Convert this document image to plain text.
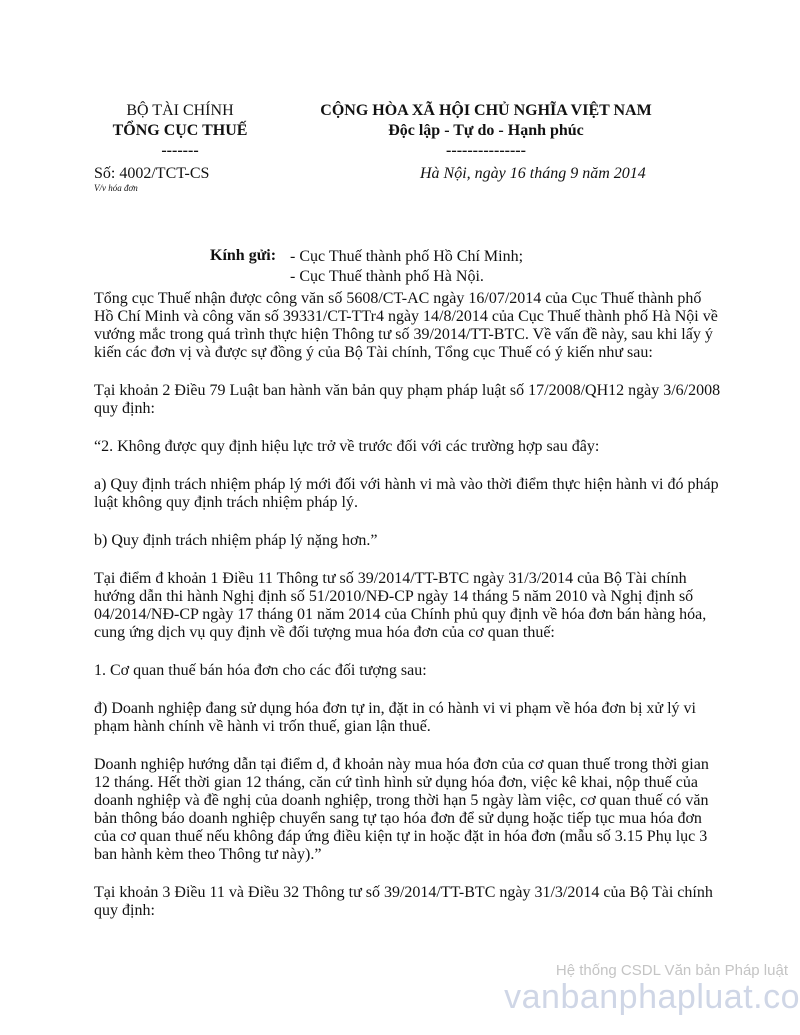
BỘ TÀI CHÍNH
TỔNG CỤC THUẾ
-------
CỘNG HÒA XÃ HỘI CHỦ NGHĨA VIỆT NAM
Độc lập - Tự do - Hạnh phúc
---------------
Số: 4002/TCT-CS
V/v hóa đơn
Hà Nội, ngày 16 tháng 9 năm 2014
Kính gửi: - Cục Thuế thành phố Hồ Chí Minh;
- Cục Thuế thành phố Hà Nội.

Tổng cục Thuế nhận được công văn số 5608/CT-AC ngày 16/07/2014 của Cục Thuế thành phố Hồ Chí Minh và công văn số 39331/CT-TTr4 ngày 14/8/2014 của Cục Thuế thành phố Hà Nội về vướng mắc trong quá trình thực hiện Thông tư số 39/2014/TT-BTC. Về vấn đề này, sau khi lấy ý kiến các đơn vị và được sự đồng ý của Bộ Tài chính, Tổng cục Thuế có ý kiến như sau:

Tại khoản 2 Điều 79 Luật ban hành văn bản quy phạm pháp luật số 17/2008/QH12 ngày 3/6/2008 quy định:

“2. Không được quy định hiệu lực trở về trước đối với các trường hợp sau đây:

a) Quy định trách nhiệm pháp lý mới đối với hành vi mà vào thời điểm thực hiện hành vi đó pháp luật không quy định trách nhiệm pháp lý.

b) Quy định trách nhiệm pháp lý nặng hơn.”

Tại điểm đ khoản 1 Điều 11 Thông tư số 39/2014/TT-BTC ngày 31/3/2014 của Bộ Tài chính hướng dẫn thi hành Nghị định số 51/2010/NĐ-CP ngày 14 tháng 5 năm 2010 và Nghị định số 04/2014/NĐ-CP ngày 17 tháng 01 năm 2014 của Chính phủ quy định về hóa đơn bán hàng hóa, cung ứng dịch vụ quy định về đối tượng mua hóa đơn của cơ quan thuế:

1. Cơ quan thuế bán hóa đơn cho các đối tượng sau:

đ) Doanh nghiệp đang sử dụng hóa đơn tự in, đặt in có hành vi vi phạm về hóa đơn bị xử lý vi phạm hành chính về hành vi trốn thuế, gian lận thuế.

Doanh nghiệp hướng dẫn tại điểm d, đ khoản này mua hóa đơn của cơ quan thuế trong thời gian 12 tháng. Hết thời gian 12 tháng, căn cứ tình hình sử dụng hóa đơn, việc kê khai, nộp thuế của doanh nghiệp và đề nghị của doanh nghiệp, trong thời hạn 5 ngày làm việc, cơ quan thuế có văn bản thông báo doanh nghiệp chuyển sang tự tạo hóa đơn để sử dụng hoặc tiếp tục mua hóa đơn của cơ quan thuế nếu không đáp ứng điều kiện tự in hoặc đặt in hóa đơn (mẫu số 3.15 Phụ lục 3 ban hành kèm theo Thông tư này).”

Tại khoản 3 Điều 11 và Điều 32 Thông tư số 39/2014/TT-BTC ngày 31/3/2014 của Bộ Tài chính quy định:

Hệ thống CSDL Văn bản Pháp luật
vanbanphapluat.co
